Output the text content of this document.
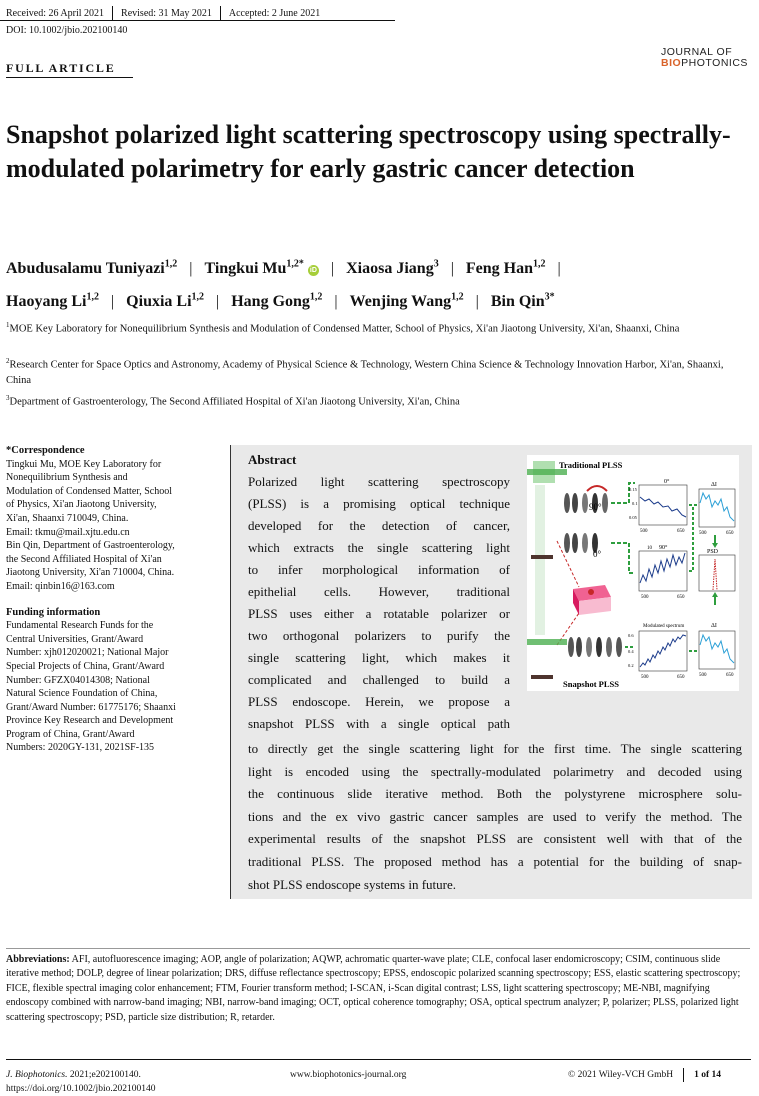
Received: 26 April 2021 Revised: 31 May 2021 Accepted: 2 June 2021
DOI: 10.1002/jbio.202100140
JOURNAL OF
BIOPHOTONICS
FULL ARTICLE
Snapshot polarized light scattering spectroscopy using spectrally-modulated polarimetry for early gastric cancer detection
Abudusalamu Tuniyazi$^{1,2}$ | Tingkui $Mu^{1,2*}iD$ | Xiaosa Jiang$^3$ | Feng Han$^{1,2}$ |
Haoyang Li$^{1,2}$ | Qiuxia Li$^{1,2}$ | Hang Gong$^{1,2}$ | Wenjing Wang$^{1,2}$ | Bin Qin$^{3*}$
$^1$MOE Key Laboratory for Nonequilibrium Synthesis and Modulation of Condensed Matter, School of Physics, Xi'an Jiaotong University, Xi'an, Shaanxi, China
$^2$Research Center for Space Optics and Astronomy, Academy of Physical Science & Technology, Western China Science & Technology Innovation Harbor, Xi'an, Shaanxi, China
$^3$Department of Gastroenterology, The Second Affiliated Hospital of Xi'an Jiaotong University, Xi'an, China
*Correspondence
Tingkui Mu, MOE Key Laboratory for
Nonequilibrium Synthesis and
Modulation of Condensed Matter, School
of Physics, Xi'an Jiaotong University,
Xi'an, Shaanxi 710049, China.
Email: tkmu@mail.xjtu.edu.cn
Bin Qin, Department of Gastroenterology,
the Second Affiliated Hospital of Xi'an
Jiaotong University, Xi'an 710004, China.
Email: qinbin16@163.com
Funding information
Fundamental Research Funds for the
Central Universities, Grant/Award
Number: xjh012020021; National Major
Special Projects of China, Grant/Award
Number: GFZX04014308; National
Natural Science Foundation of China,
Grant/Award Number: 61775176; Shaanxi
Province Key Research and Development
Program of China, Grant/Award
Numbers: 2020GY-131, 2021SF-135
Abstract
Polarized light scattering spectroscopy
(PLSS) is a promising optical technique
developed for the detection of cancer,
which extracts the single scattering light
to infer morphological information of
epithelial cells. However, traditional
PLSS uses either a rotatable polarizer or
two orthogonal polarizers to purify the
single scattering light, which makes it
complicated and challenged to build a
PLSS endoscope. Herein, we propose a
snapshot PLSS with a single optical path
to directly get the single scattering light for the first time. The single scattering
light is encoded using the spectrally-modulated polarimetry and decoded using
the continuous slide iterative method. Both the polystyrene microsphere solu-
tions and the ex vivo gastric cancer samples are used to verify the method. The
experimental results of the snapshot PLSS are consistent well with that of the
traditional PLSS. The proposed method has a potential for the building of snap-
shot PLSS endoscope systems in future.
Traditional PLSS
90°
0°
0°
0.15
0.1
0.05
500	650
10 90°
500	650
ΔI
500	650
PSD
Snapshot PLSS
Modulated spectrum
0.6
0.4
0.2
500	650
ΔI
500	650
Abbreviations: AFI, autofluorescence imaging; AOP, angle of polarization; AQWP, achromatic quarter-wave plate; CLE, confocal laser endomicroscopy; CSIM, continuous slide iterative method; DOLP, degree of linear polarization; DRS, diffuse reflectance spectroscopy; EPSS, endoscopic polarized scanning spectroscopy; ESS, elastic scattering spectroscopy; FICE, flexible spectral imaging color enhancement; FTM, Fourier transform method; I-SCAN, i-Scan digital contrast; LSS, light scattering spectroscopy; ME-NBI, magnifying endoscopy combined with narrow-band imaging; NBI, narrow-band imaging; OCT, optical coherence tomography; OSA, optical spectrum analyzer; P, polarizer; PLSS, polarized light scattering spectroscopy; PSD, particle size distribution; R, retarder.
J. Biophotonics. 2021;e202100140.
https://doi.org/10.1002/jbio.202100140
www.biophotonics-journal.org	© 2021 Wiley-VCH GmbH 1 of 14
